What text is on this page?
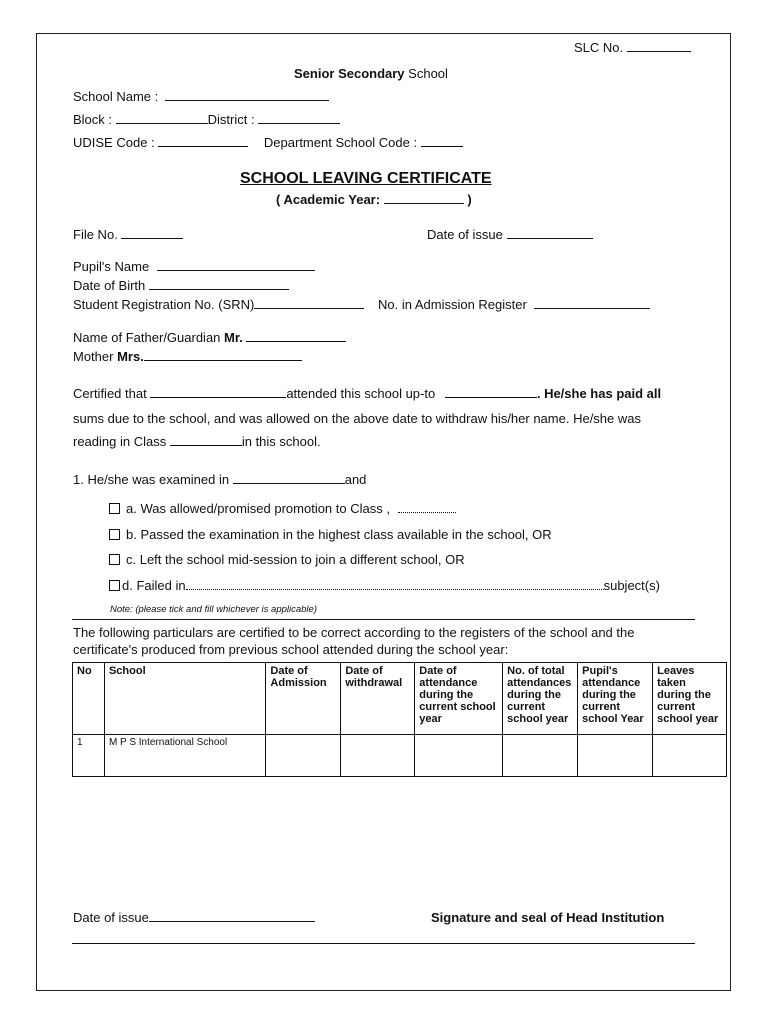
SLC No.
Senior Secondary School
School Name :
Block :	District :
UDISE Code :	Department School Code :
SCHOOL LEAVING CERTIFICATE
( Academic Year:	)
File No.	Date of issue
Pupil's Name
Date of Birth
Student Registration No. (SRN)	No. in Admission Register
Name of Father/Guardian Mr.
Mother Mrs.
Certified that	attended this school up-to	. He/she has paid all
sums due to the school, and was allowed on the above date to withdraw his/her name. He/she was
reading in Class	in this school.
1. He/she was examined in	and
a. Was allowed/promised promotion to Class ,
b. Passed the examination in the highest class available in the school, OR
c. Left the school mid-session to join a different school, OR
d. Failed in	subject(s)
Note: (please tick and fill whichever is applicable)
The following particulars are certified to be correct according to the registers of the school and the
certificate's produced from previous school attended during the school year:
No	School	Date of Admission	Date of withdrawal	Date of attendance during the current school year	No. of total attendances during the current school year	Pupil's attendance during the current school Year	Leaves taken during the current school year
1	M P S International School						
Date of issue	Signature and seal of Head Institution
